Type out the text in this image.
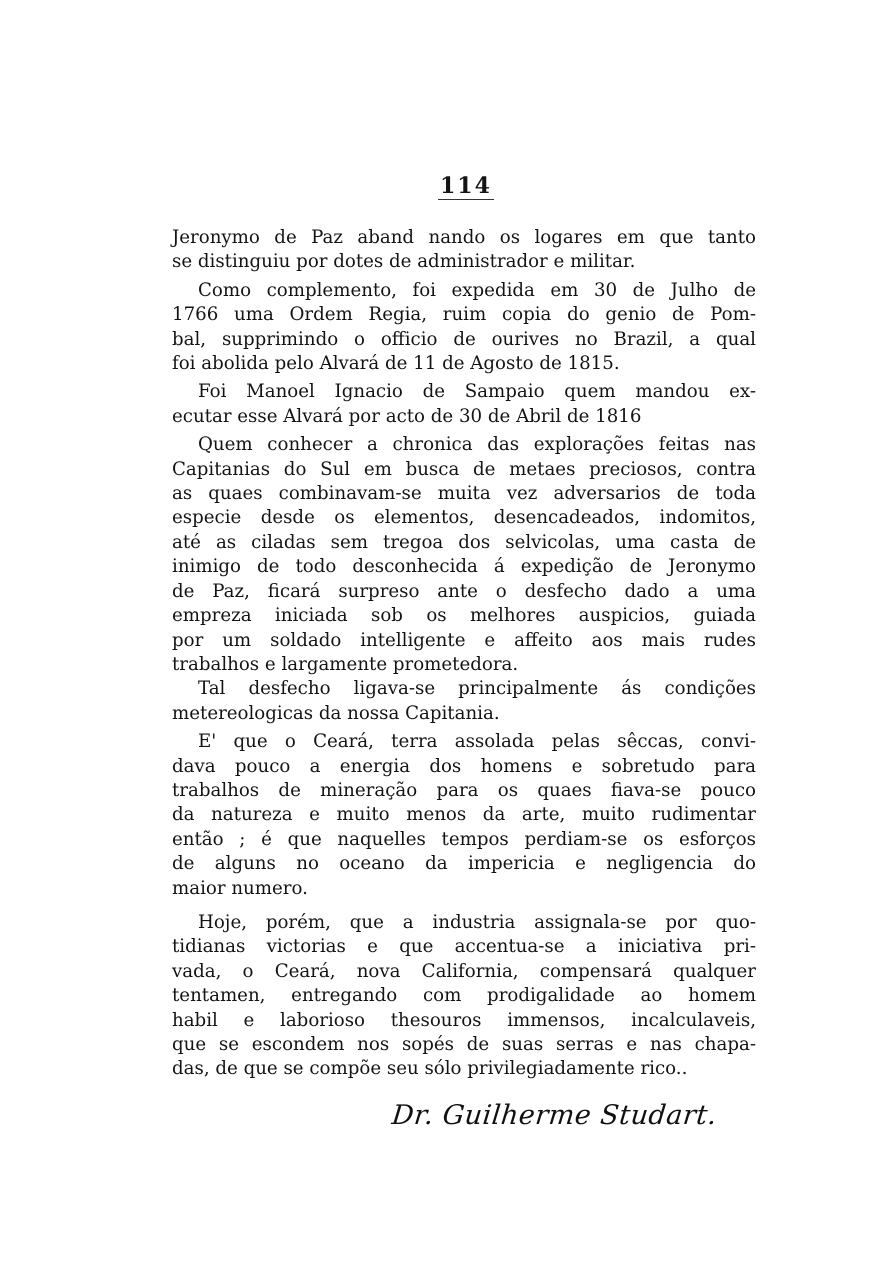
114
Jeronymo de Paz aband nando os logares em que tanto
se distinguiu por dotes de administrador e militar.
Como complemento, foi expedida em 30 de Julho de
1766 uma Ordem Regia, ruim copia do genio de Pom-
bal, supprimindo o officio de ourives no Brazil, a qual
foi abolida pelo Alvará de 11 de Agosto de 1815.
Foi Manoel Ignacio de Sampaio quem mandou ex-
ecutar esse Alvará por acto de 30 de Abril de 1816
Quem conhecer a chronica das explorações feitas nas
Capitanias do Sul em busca de metaes preciosos, contra
as quaes combinavam-se muita vez adversarios de toda
especie desde os elementos, desencadeados, indomitos,
até as ciladas sem tregoa dos selvicolas, uma casta de
inimigo de todo desconhecida á expedição de Jeronymo
de Paz, ficará surpreso ante o desfecho dado a uma
empreza iniciada sob os melhores auspicios, guiada
por um soldado intelligente e affeito aos mais rudes
trabalhos e largamente prometedora.
Tal desfecho ligava-se principalmente ás condições
metereologicas da nossa Capitania.
E' que o Ceará, terra assolada pelas sêccas, convi-
dava pouco a energia dos homens e sobretudo para
trabalhos de mineração para os quaes fiava-se pouco
da natureza e muito menos da arte, muito rudimentar
então ; é que naquelles tempos perdiam-se os esforços
de alguns no oceano da impericia e negligencia do
maior numero.
Hoje, porém, que a industria assignala-se por quo-
tidianas victorias e que accentua-se a iniciativa pri-
vada, o Ceará, nova California, compensará qualquer
tentamen, entregando com prodigalidade ao homem
habil e laborioso thesouros immensos, incalculaveis,
que se escondem nos sopés de suas serras e nas chapa-
das, de que se compõe seu sólo privilegiadamente rico..
Dr. Guilherme Studart.
